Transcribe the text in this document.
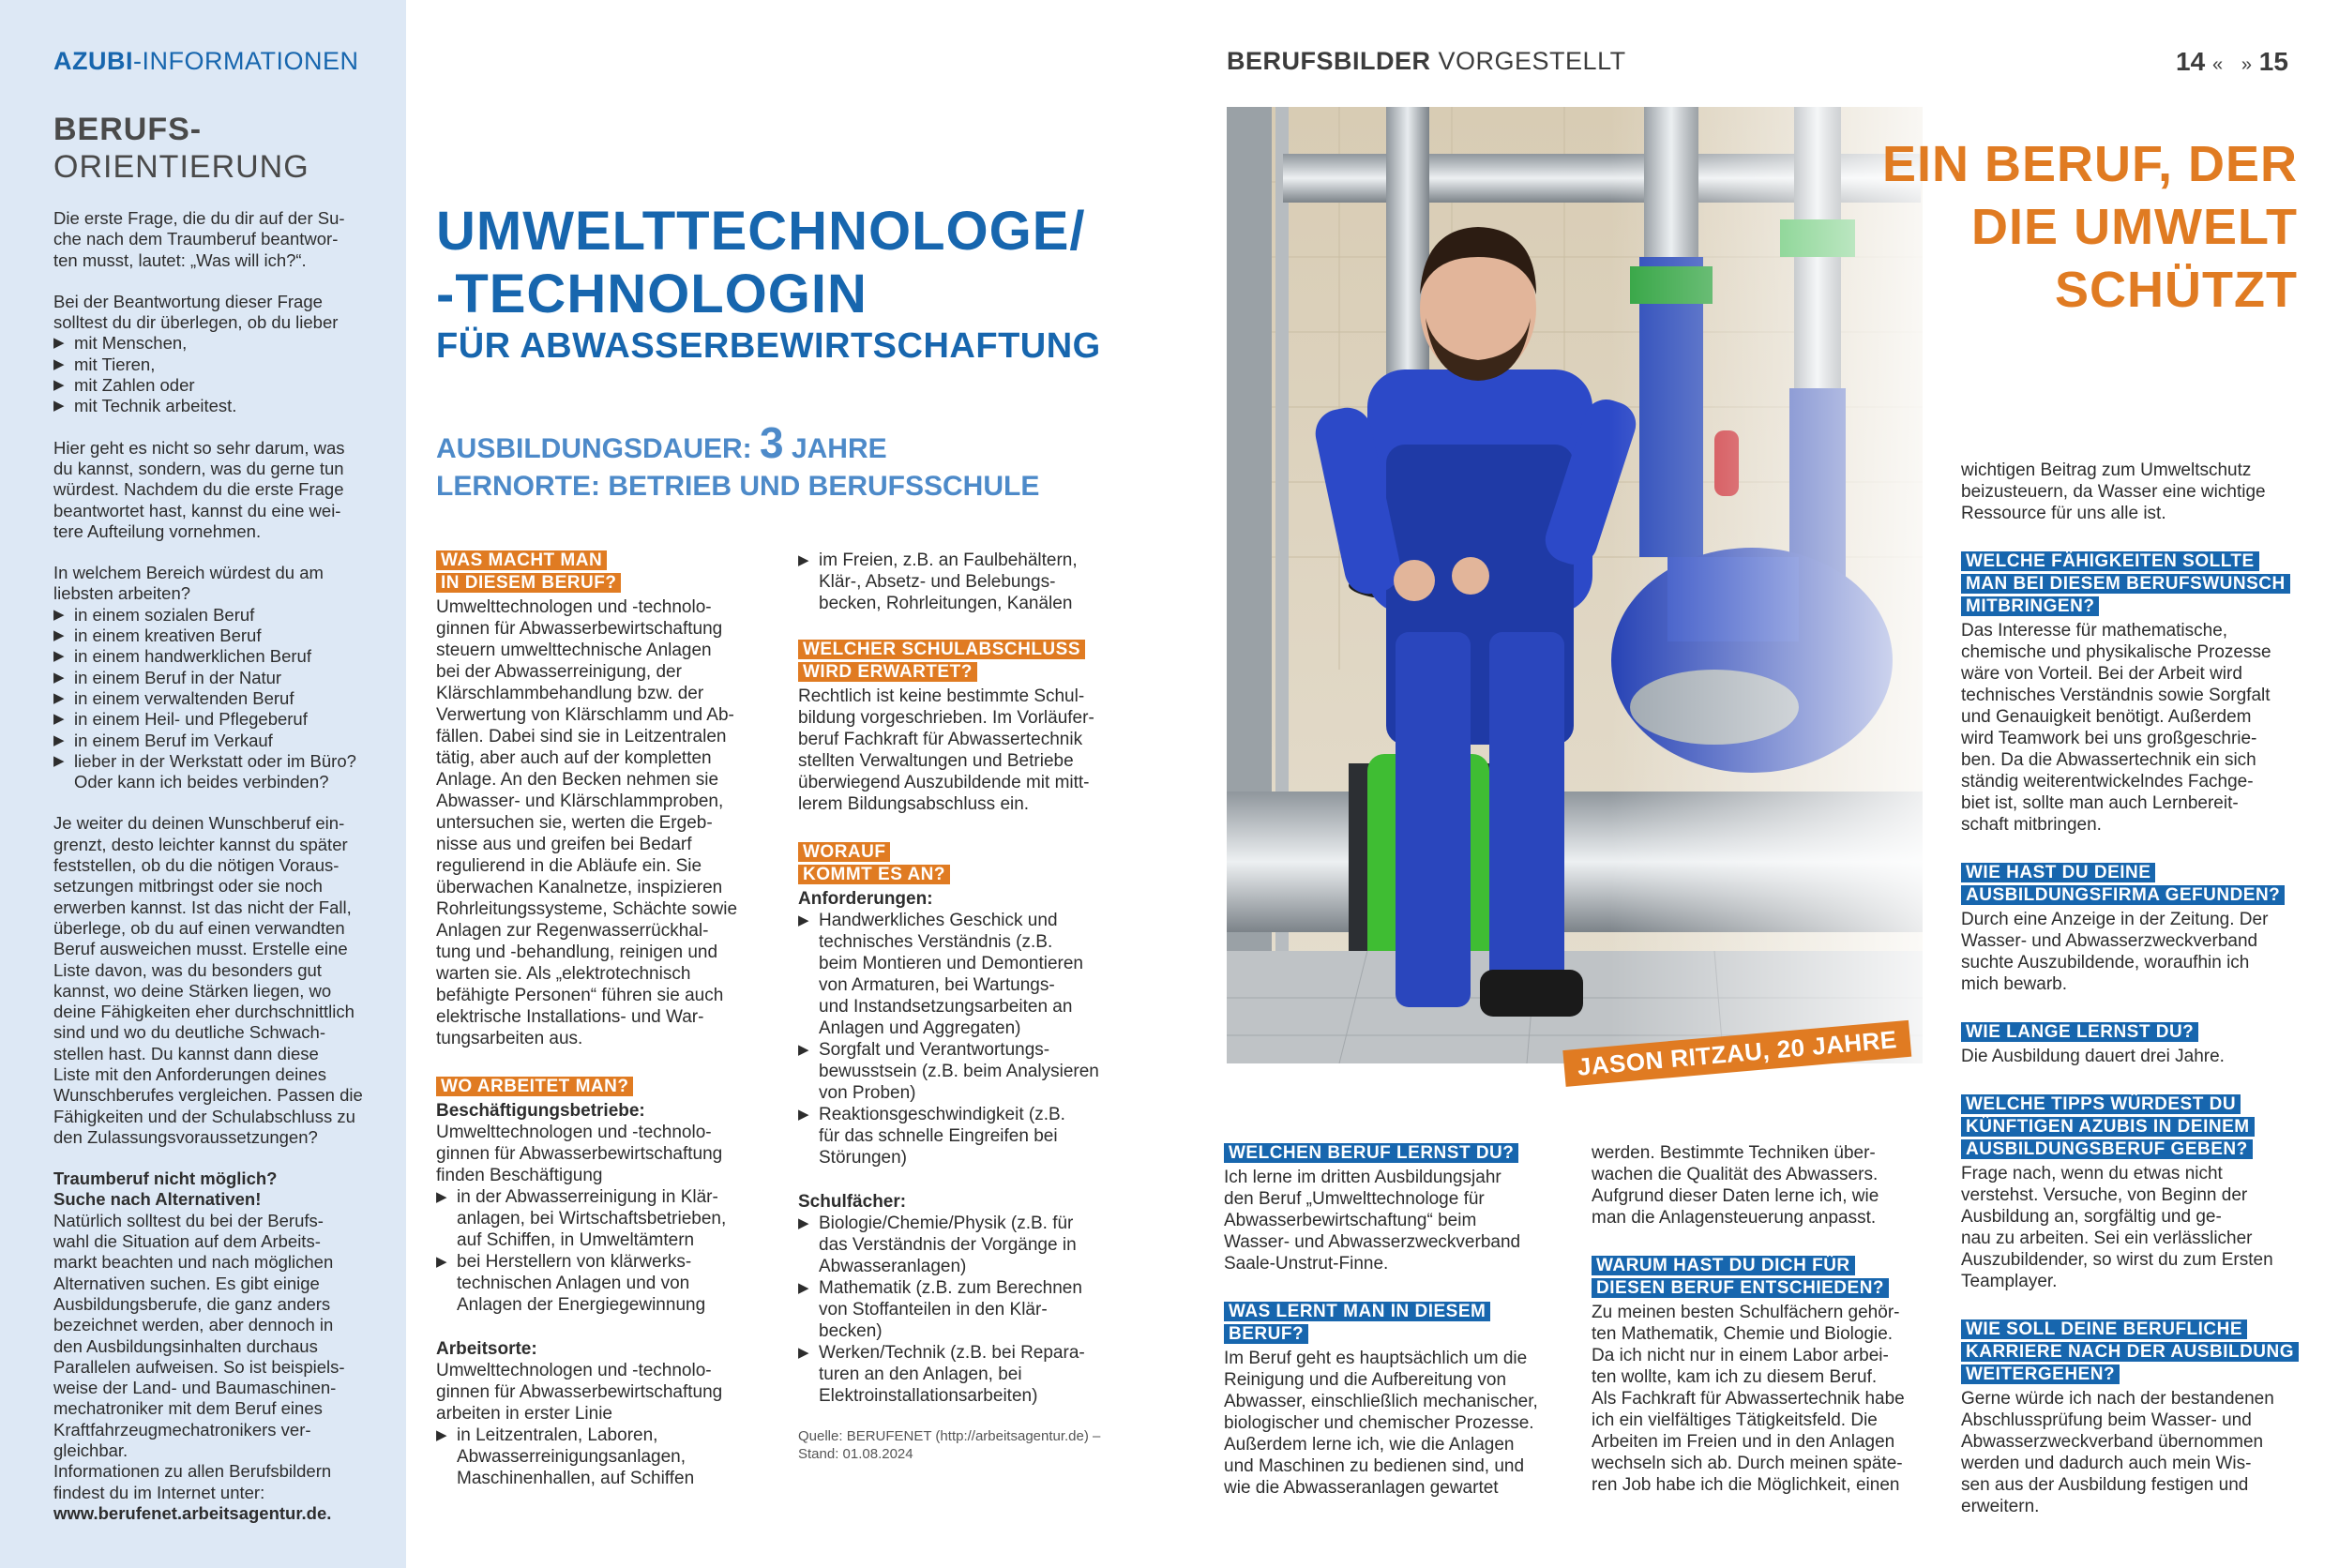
AZUBI-INFORMATIONEN
BERUFS-
ORIENTIERUNG

Die erste Frage, die du dir auf der Su-
che nach dem Traumberuf beantwor-
ten musst, lautet: „Was will ich?“.

Bei der Beantwortung dieser Frage
solltest du dir überlegen, ob du lieber
▶ mit Menschen,
▶ mit Tieren,
▶ mit Zahlen oder
▶ mit Technik arbeitest.

Hier geht es nicht so sehr darum, was
du kannst, sondern, was du gerne tun
würdest. Nachdem du die erste Frage
beantwortet hast, kannst du eine wei-
tere Aufteilung vornehmen.

In welchem Bereich würdest du am
liebsten arbeiten?
▶ in einem sozialen Beruf
▶ in einem kreativen Beruf
▶ in einem handwerklichen Beruf
▶ in einem Beruf in der Natur
▶ in einem verwaltenden Beruf
▶ in einem Heil- und Pflegeberuf
▶ in einem Beruf im Verkauf
▶ lieber in der Werkstatt oder im Büro?
Oder kann ich beides verbinden?

Je weiter du deinen Wunschberuf ein-
grenzt, desto leichter kannst du später
feststellen, ob du die nötigen Voraus-
setzungen mitbringst oder sie noch
erwerben kannst. Ist das nicht der Fall,
überlege, ob du auf einen verwandten
Beruf ausweichen musst. Erstelle eine
Liste davon, was du besonders gut
kannst, wo deine Stärken liegen, wo
deine Fähigkeiten eher durchschnittlich
sind und wo du deutliche Schwach-
stellen hast. Du kannst dann diese
Liste mit den Anforderungen deines
Wunschberufes vergleichen. Passen die
Fähigkeiten und der Schulabschluss zu
den Zulassungsvoraussetzungen?

Traumberuf nicht möglich?
Suche nach Alternativen!
Natürlich solltest du bei der Berufs-
wahl die Situation auf dem Arbeits-
markt beachten und nach möglichen
Alternativen suchen. Es gibt einige
Ausbildungsberufe, die ganz anders
bezeichnet werden, aber dennoch in
den Ausbildungsinhalten durchaus
Parallelen aufweisen. So ist beispiels-
weise der Land- und Baumaschinen-
mechatroniker mit dem Beruf eines
Kraftfahrzeugmechatronikers ver-
gleichbar.
Informationen zu allen Berufsbildern
findest du im Internet unter:
www.berufenet.arbeitsagentur.de.
BERUFSBILDER VORGESTELLT	14 « » 15
UMWELTTECHNOLOGE/
-TECHNOLOGIN
FÜR ABWASSERBEWIRTSCHAFTUNG
AUSBILDUNGSDAUER: 3 JAHRE
LERNORTE: BETRIEB UND BERUFSSCHULE
WAS MACHT MAN
IN DIESEM BERUF?
Umwelttechnologen und -technolo-
ginnen für Abwasserbewirtschaftung
steuern umwelttechnische Anlagen
bei der Abwasserreinigung, der
Klärschlammbehandlung bzw. der
Verwertung von Klärschlamm und Ab-
fällen. Dabei sind sie in Leitzentralen
tätig, aber auch auf der kompletten
Anlage. An den Becken nehmen sie
Abwasser- und Klärschlammproben,
untersuchen sie, werten die Ergeb-
nisse aus und greifen bei Bedarf
regulierend in die Abläufe ein. Sie
überwachen Kanalnetze, inspizieren
Rohrleitungssysteme, Schächte sowie
Anlagen zur Regenwasserrückhal-
tung und -behandlung, reinigen und
warten sie. Als „elektrotechnisch
befähigte Personen“ führen sie auch
elektrische Installations- und War-
tungsarbeiten aus.
WO ARBEITET MAN?
Beschäftigungsbetriebe:
Umwelttechnologen und -technolo-
ginnen für Abwasserbewirtschaftung
finden Beschäftigung
▶ in der Abwasserreinigung in Klär-
anlagen, bei Wirtschaftsbetrieben,
auf Schiffen, in Umweltämtern
▶ bei Herstellern von klärwerks-
technischen Anlagen und von
Anlagen der Energiegewinnung
Arbeitsorte:
Umwelttechnologen und -technolo-
ginnen für Abwasserbewirtschaftung
arbeiten in erster Linie
▶ in Leitzentralen, Laboren,
Abwasserreinigungsanlagen,
Maschinenhallen, auf Schiffen
▶ im Freien, z.B. an Faulbehältern,
Klär-, Absetz- und Belebungs-
becken, Rohrleitungen, Kanälen
WELCHER SCHULABSCHLUSS
WIRD ERWARTET?
Rechtlich ist keine bestimmte Schul-
bildung vorgeschrieben. Im Vorläufer-
beruf Fachkraft für Abwassertechnik
stellten Verwaltungen und Betriebe
überwiegend Auszubildende mit mitt-
lerem Bildungsabschluss ein.
WORAUF
KOMMT ES AN?
Anforderungen:
▶ Handwerkliches Geschick und
technisches Verständnis (z.B.
beim Montieren und Demontieren
von Armaturen, bei Wartungs-
und Instandsetzungsarbeiten an
Anlagen und Aggregaten)
▶ Sorgfalt und Verantwortungs-
bewusstsein (z.B. beim Analysieren
von Proben)
▶ Reaktionsgeschwindigkeit (z.B.
für das schnelle Eingreifen bei
Störungen)
Schulfächer:
▶ Biologie/Chemie/Physik (z.B. für
das Verständnis der Vorgänge in
Abwasseranlagen)
▶ Mathematik (z.B. zum Berechnen
von Stoffanteilen in den Klär-
becken)
▶ Werken/Technik (z.B. bei Repara-
turen an den Anlagen, bei
Elektroinstallationsarbeiten)
Quelle: BERUFENET (http://arbeitsagentur.de) –
Stand: 01.08.2024
EIN BERUF, DER
DIE UMWELT
SCHÜTZT
JASON RITZAU, 20 JAHRE
WELCHEN BERUF LERNST DU?
Ich lerne im dritten Ausbildungsjahr
den Beruf „Umwelttechnologe für
Abwasserbewirtschaftung“ beim
Wasser- und Abwasserzweckverband
Saale-Unstrut-Finne.
WAS LERNT MAN IN DIESEM
BERUF?
Im Beruf geht es hauptsächlich um die
Reinigung und die Aufbereitung von
Abwasser, einschließlich mechanischer,
biologischer und chemischer Prozesse.
Außerdem lerne ich, wie die Anlagen
und Maschinen zu bedienen sind, und
wie die Abwasseranlagen gewartet
werden. Bestimmte Techniken über-
wachen die Qualität des Abwassers.
Aufgrund dieser Daten lerne ich, wie
man die Anlagensteuerung anpasst.
WARUM HAST DU DICH FÜR
DIESEN BERUF ENTSCHIEDEN?
Zu meinen besten Schulfächern gehör-
ten Mathematik, Chemie und Biologie.
Da ich nicht nur in einem Labor arbei-
ten wollte, kam ich zu diesem Beruf.
Als Fachkraft für Abwassertechnik habe
ich ein vielfältiges Tätigkeitsfeld. Die
Arbeiten im Freien und in den Anlagen
wechseln sich ab. Durch meinen späte-
ren Job habe ich die Möglichkeit, einen
wichtigen Beitrag zum Umweltschutz
beizusteuern, da Wasser eine wichtige
Ressource für uns alle ist.
WELCHE FÄHIGKEITEN SOLLTE
MAN BEI DIESEM BERUFSWUNSCH
MITBRINGEN?
Das Interesse für mathematische,
chemische und physikalische Prozesse
wäre von Vorteil. Bei der Arbeit wird
technisches Verständnis sowie Sorgfalt
und Genauigkeit benötigt. Außerdem
wird Teamwork bei uns großgeschrie-
ben. Da die Abwassertechnik ein sich
ständig weiterentwickelndes Fachge-
biet ist, sollte man auch Lernbereit-
schaft mitbringen.
WIE HAST DU DEINE
AUSBILDUNGSFIRMA GEFUNDEN?
Durch eine Anzeige in der Zeitung. Der
Wasser- und Abwasserzweckverband
suchte Auszubildende, woraufhin ich
mich bewarb.
WIE LANGE LERNST DU?
Die Ausbildung dauert drei Jahre.
WELCHE TIPPS WÜRDEST DU
KÜNFTIGEN AZUBIS IN DEINEM
AUSBILDUNGSBERUF GEBEN?
Frage nach, wenn du etwas nicht
verstehst. Versuche, von Beginn der
Ausbildung an, sorgfältig und ge-
nau zu arbeiten. Sei ein verlässlicher
Auszubildender, so wirst du zum Ersten
Teamplayer.
WIE SOLL DEINE BERUFLICHE
KARRIERE NACH DER AUSBILDUNG
WEITERGEHEN?
Gerne würde ich nach der bestandenen
Abschlussprüfung beim Wasser- und
Abwasserzweckverband übernommen
werden und dadurch auch mein Wis-
sen aus der Ausbildung festigen und
erweitern.
